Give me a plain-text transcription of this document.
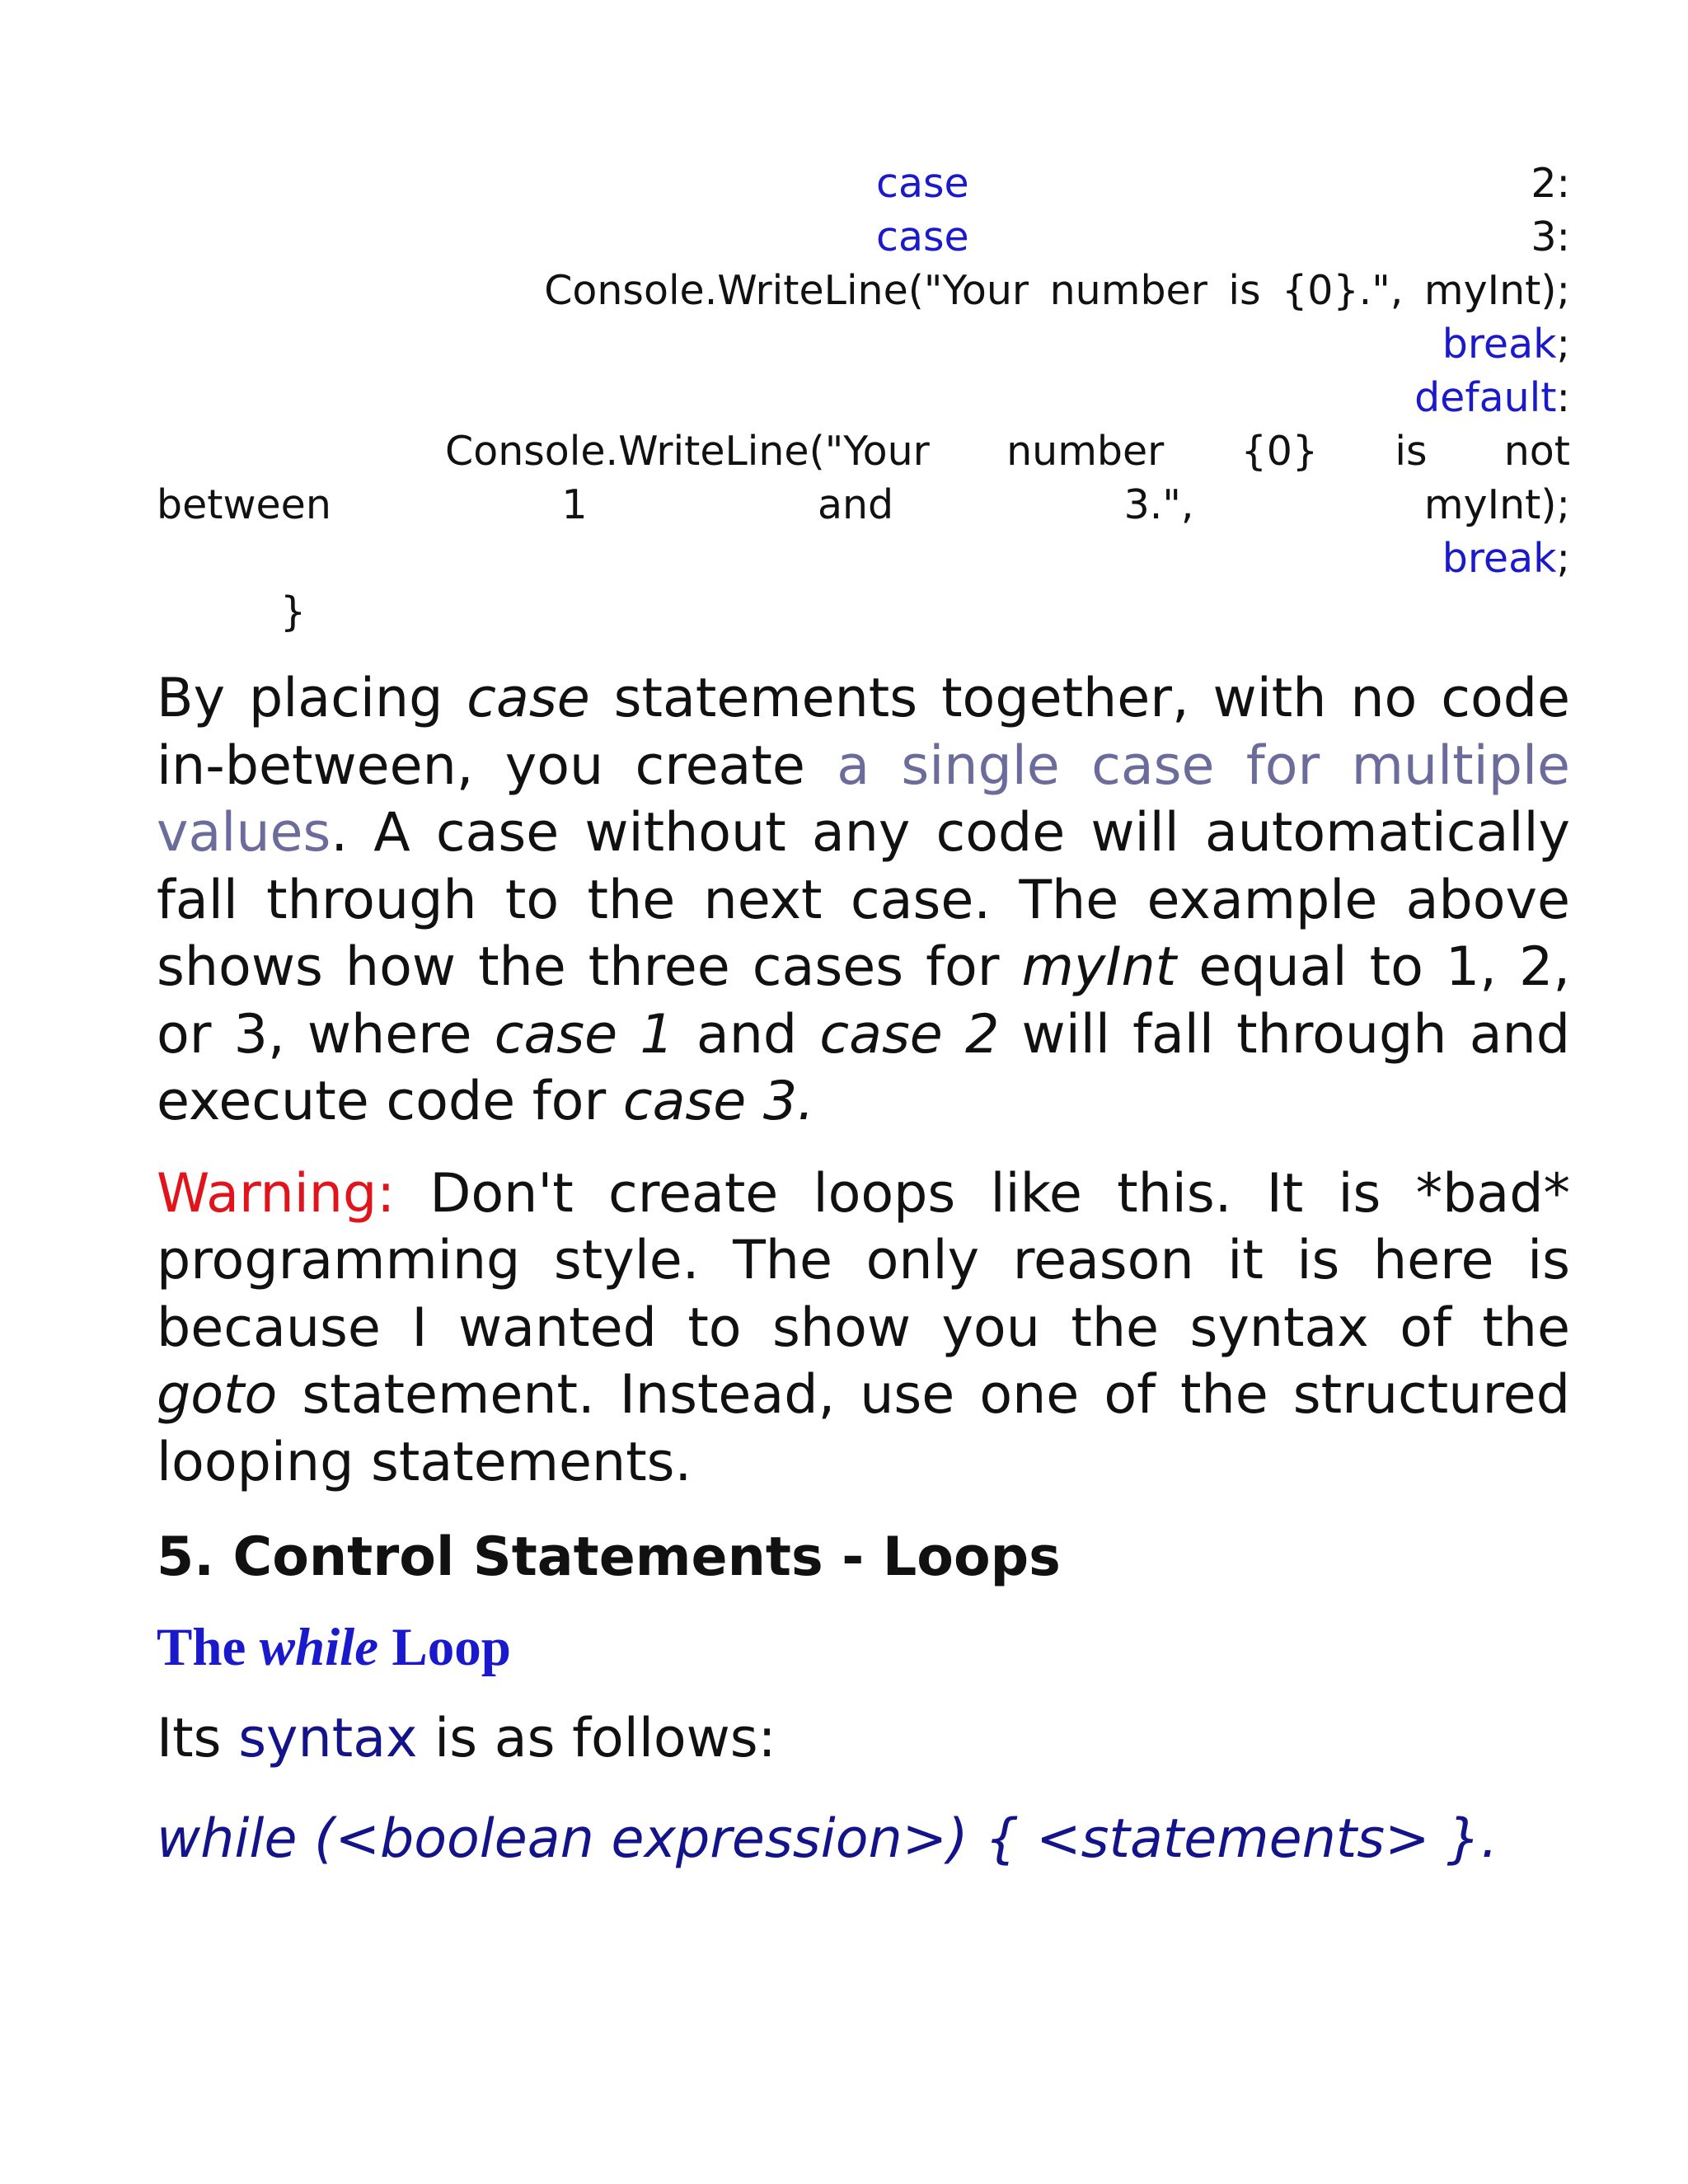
case	2:
case	3:
Console.WriteLine("Your number is {0}.", myInt);
break;
default:
Console.WriteLine("Your number {0} is not
between	1	and	3.",	myInt);
break;
}

By placing case statements together, with no code in-between, you create a single case for multiple values. A case without any code will automatically fall through to the next case. The example above shows how the three cases for myInt equal to 1, 2, or 3, where case 1 and case 2 will fall through and execute code for case 3.

Warning: Don't create loops like this. It is *bad* programming style. The only reason it is here is because I wanted to show you the syntax of the goto statement. Instead, use one of the structured looping statements.

5. Control Statements - Loops
The while Loop

Its syntax is as follows:

while (<boolean expression>) { <statements> }.
